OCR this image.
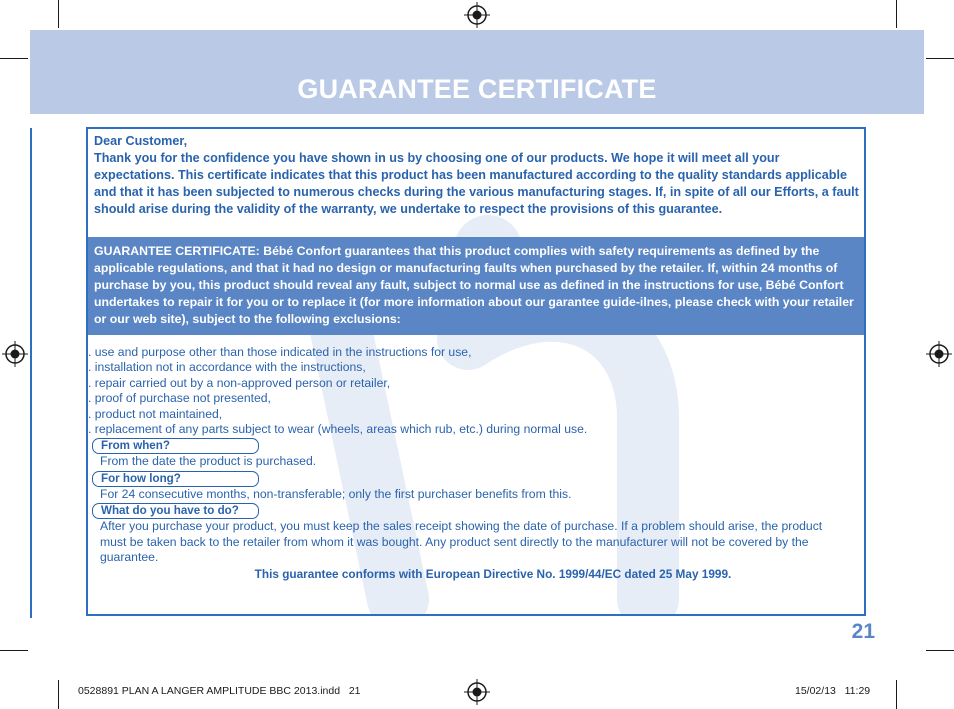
GUARANTEE CERTIFICATE

Dear Customer,

Thank you for the confidence you have shown in us by choosing one of our products. We hope it will meet all your expectations. This certificate indicates that this product has been manufactured according to the quality standards applicable and that it has been subjected to numerous checks during the various manufacturing stages. If, in spite of all our Efforts, a fault should arise during the validity of the warranty, we undertake to respect the provisions of this guarantee.

GUARANTEE CERTIFICATE: Bébé Confort guarantees that this product complies with safety requirements as defined by the applicable regulations, and that it had no design or manufacturing faults when purchased by the retailer. If, within 24 months of purchase by you, this product should reveal any fault, subject to normal use as defined in the instructions for use, Bébé Confort undertakes to repair it for you or to replace it (for more information about our garantee guide-ilnes, please check with your retailer or our web site), subject to the following exclusions:
. use and purpose other than those indicated in the instructions for use,
. installation not in accordance with the instructions,
. repair carried out by a non-approved person or retailer,
. proof of purchase not presented,
. product not maintained,
. replacement of any parts subject to wear (wheels, areas which rub, etc.) during normal use.
From when?
From the date the product is purchased.
For how long?
For 24 consecutive months, non-transferable; only the first purchaser benefits from this.
What do you have to do?
After you purchase your product, you must keep the sales receipt showing the date of purchase. If a problem should arise, the product must be taken back to the retailer from whom it was bought. Any product sent directly to the manufacturer will not be covered by the guarantee.
This guarantee conforms with European Directive No. 1999/44/EC dated 25 May 1999.
21
0528891 PLAN A LANGER AMPLITUDE BBC 2013.indd   21	15/02/13   11:29
